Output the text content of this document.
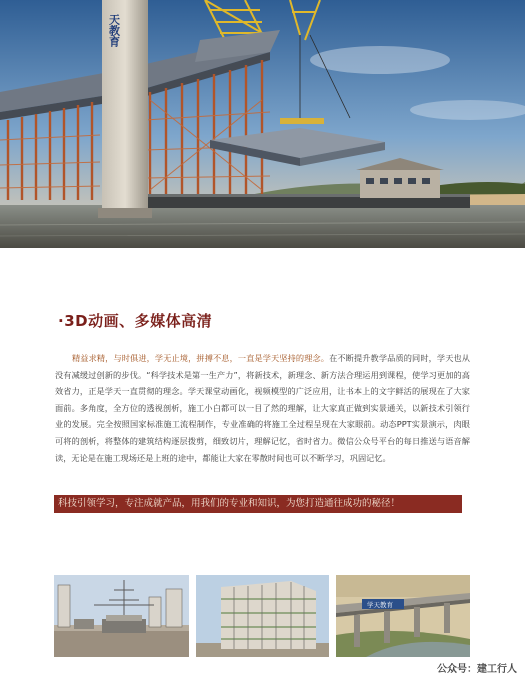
天教育
·3D动画、多媒体高清
精益求精，与时俱进，学无止境，拼搏不息，一直是学天坚持的理念。在不断提升教学品质的同时，学天也从没有减缓过创新的步伐。“科学技术是第一生产力”，将新技术，新理念、新方法合理运用到课程，使学习更加的高效省力，正是学天一直贯彻的理念。学天课堂动画化，视频模型的广泛应用，让书本上的文字鲜活的展现在了大家面前。多角度，全方位的透视剖析，施工小白都可以一目了然的理解，让大家真正做到实景通关，以新技术引领行业的发展。完全按照国家标准施工流程制作，专业准确的将施工全过程呈现在大家眼前。动态PPT实景演示，肉眼可将的剖析，将整体的建筑结构逐层拨剪，细致切片，理解记忆，省时省力。微信公众号平台的每日推送与语音解读，无论是在施工现场还是上班的途中，都能让大家在零散时间也可以不断学习，巩固记忆。
科技引领学习，专注成就产品，用我们的专业和知识，为您打造通往成功的秘径！
学天教育
公众号：建工行人
